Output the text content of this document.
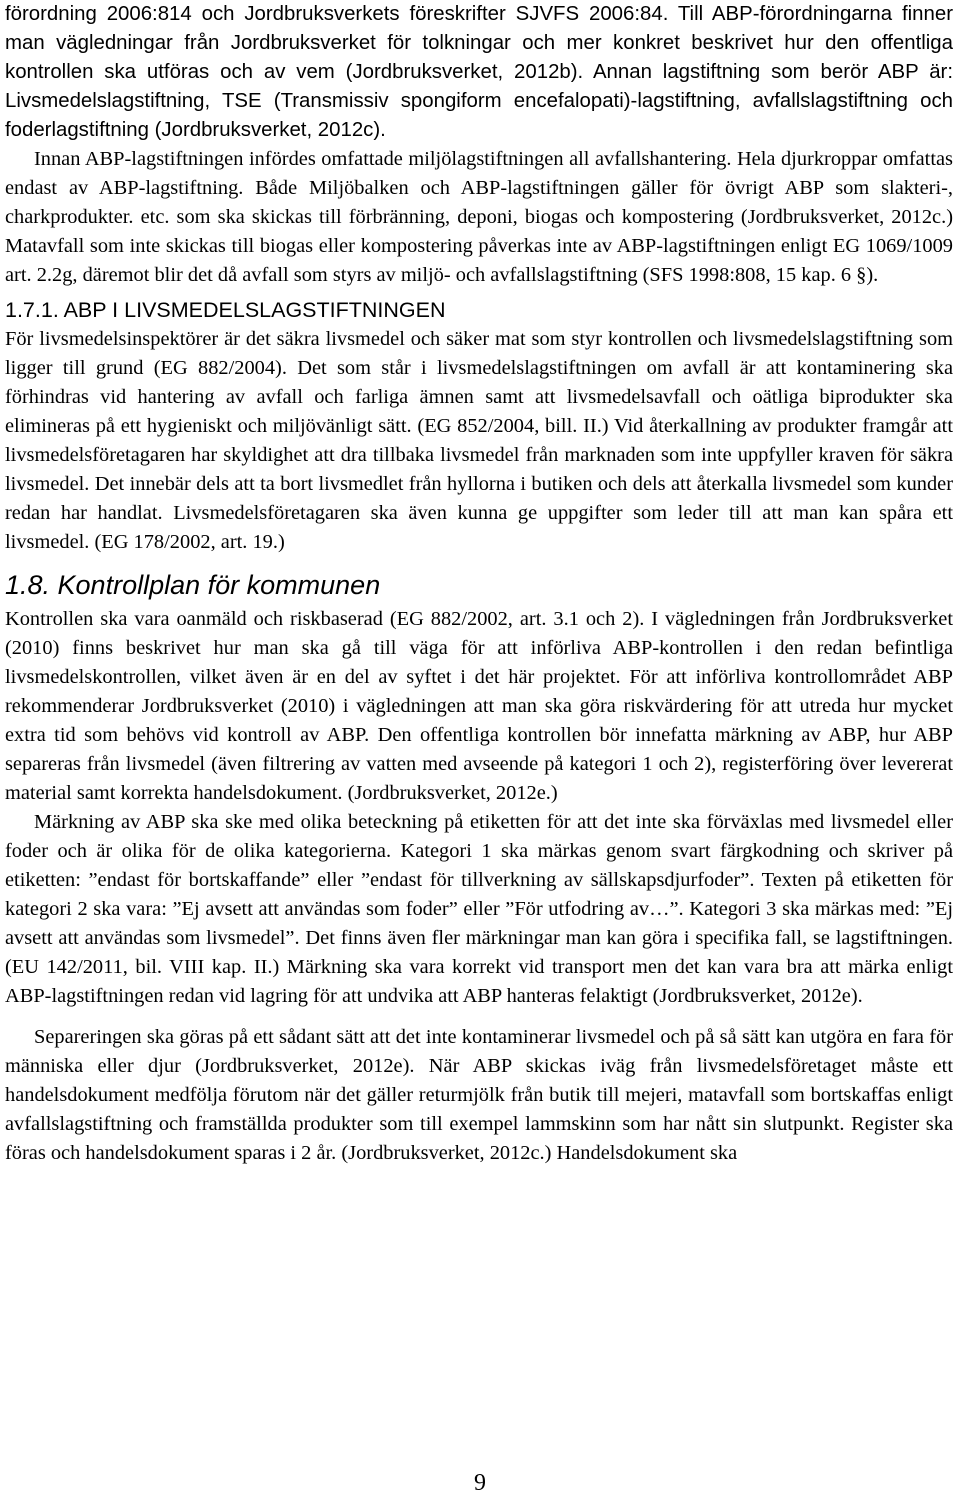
förordning 2006:814 och Jordbruksverkets föreskrifter SJVFS 2006:84. Till ABP-förordningarna finner man vägledningar från Jordbruksverket för tolkningar och mer konkret beskrivet hur den offentliga kontrollen ska utföras och av vem (Jordbruksverket, 2012b). Annan lagstiftning som berör ABP är: Livsmedelslagstiftning, TSE (Transmissiv spongiform encefalopati)-lagstiftning, avfallslagstiftning och foderlagstiftning (Jordbruksverket, 2012c).

Innan ABP-lagstiftningen infördes omfattade miljölagstiftningen all avfallshantering. Hela djurkroppar omfattas endast av ABP-lagstiftning. Både Miljöbalken och ABP-lagstiftningen gäller för övrigt ABP som slakteri-, charkprodukter. etc. som ska skickas till förbränning, deponi, biogas och kompostering (Jordbruksverket, 2012c.) Matavfall som inte skickas till biogas eller kompostering påverkas inte av ABP-lagstiftningen enligt EG 1069/1009 art. 2.2g, däremot blir det då avfall som styrs av miljö- och avfallslagstiftning (SFS 1998:808, 15 kap. 6 §).

1.7.1. ABP I LIVSMEDELSLAGSTIFTNINGEN

För livsmedelsinspektörer är det säkra livsmedel och säker mat som styr kontrollen och livsmedelslagstiftning som ligger till grund (EG 882/2004). Det som står i livsmedelslagstiftningen om avfall är att kontaminering ska förhindras vid hantering av avfall och farliga ämnen samt att livsmedelsavfall och oätliga biprodukter ska elimineras på ett hygieniskt och miljövänligt sätt. (EG 852/2004, bill. II.) Vid återkallning av produkter framgår att livsmedelsföretagaren har skyldighet att dra tillbaka livsmedel från marknaden som inte uppfyller kraven för säkra livsmedel. Det innebär dels att ta bort livsmedlet från hyllorna i butiken och dels att återkalla livsmedel som kunder redan har handlat. Livsmedelsföretagaren ska även kunna ge uppgifter som leder till att man kan spåra ett livsmedel. (EG 178/2002, art. 19.)

1.8. Kontrollplan för kommunen

Kontrollen ska vara oanmäld och riskbaserad (EG 882/2002, art. 3.1 och 2). I vägledningen från Jordbruksverket (2010) finns beskrivet hur man ska gå till väga för att införliva ABP-kontrollen i den redan befintliga livsmedelskontrollen, vilket även är en del av syftet i det här projektet. För att införliva kontrollområdet ABP rekommenderar Jordbruksverket (2010) i vägledningen att man ska göra riskvärdering för att utreda hur mycket extra tid som behövs vid kontroll av ABP. Den offentliga kontrollen bör innefatta märkning av ABP, hur ABP separeras från livsmedel (även filtrering av vatten med avseende på kategori 1 och 2), registerföring över levererat material samt korrekta handelsdokument. (Jordbruksverket, 2012e.)

Märkning av ABP ska ske med olika beteckning på etiketten för att det inte ska förväxlas med livsmedel eller foder och är olika för de olika kategorierna. Kategori 1 ska märkas genom svart färgkodning och skriver på etiketten: ”endast för bortskaffande” eller ”endast för tillverkning av sällskapsdjurfoder”. Texten på etiketten för kategori 2 ska vara: ”Ej avsett att användas som foder” eller ”För utfodring av…”. Kategori 3 ska märkas med: ”Ej avsett att användas som livsmedel”. Det finns även fler märkningar man kan göra i specifika fall, se lagstiftningen. (EU 142/2011, bil. VIII kap. II.) Märkning ska vara korrekt vid transport men det kan vara bra att märka enligt ABP-lagstiftningen redan vid lagring för att undvika att ABP hanteras felaktigt (Jordbruksverket, 2012e).

Separeringen ska göras på ett sådant sätt att det inte kontaminerar livsmedel och på så sätt kan utgöra en fara för människa eller djur (Jordbruksverket, 2012e). När ABP skickas iväg från livsmedelsföretaget måste ett handelsdokument medfölja förutom när det gäller returmjölk från butik till mejeri, matavfall som bortskaffas enligt avfallslagstiftning och framställda produkter som till exempel lammskinn som har nått sin slutpunkt. Register ska föras och handelsdokument sparas i 2 år. (Jordbruksverket, 2012c.) Handelsdokument ska

9
